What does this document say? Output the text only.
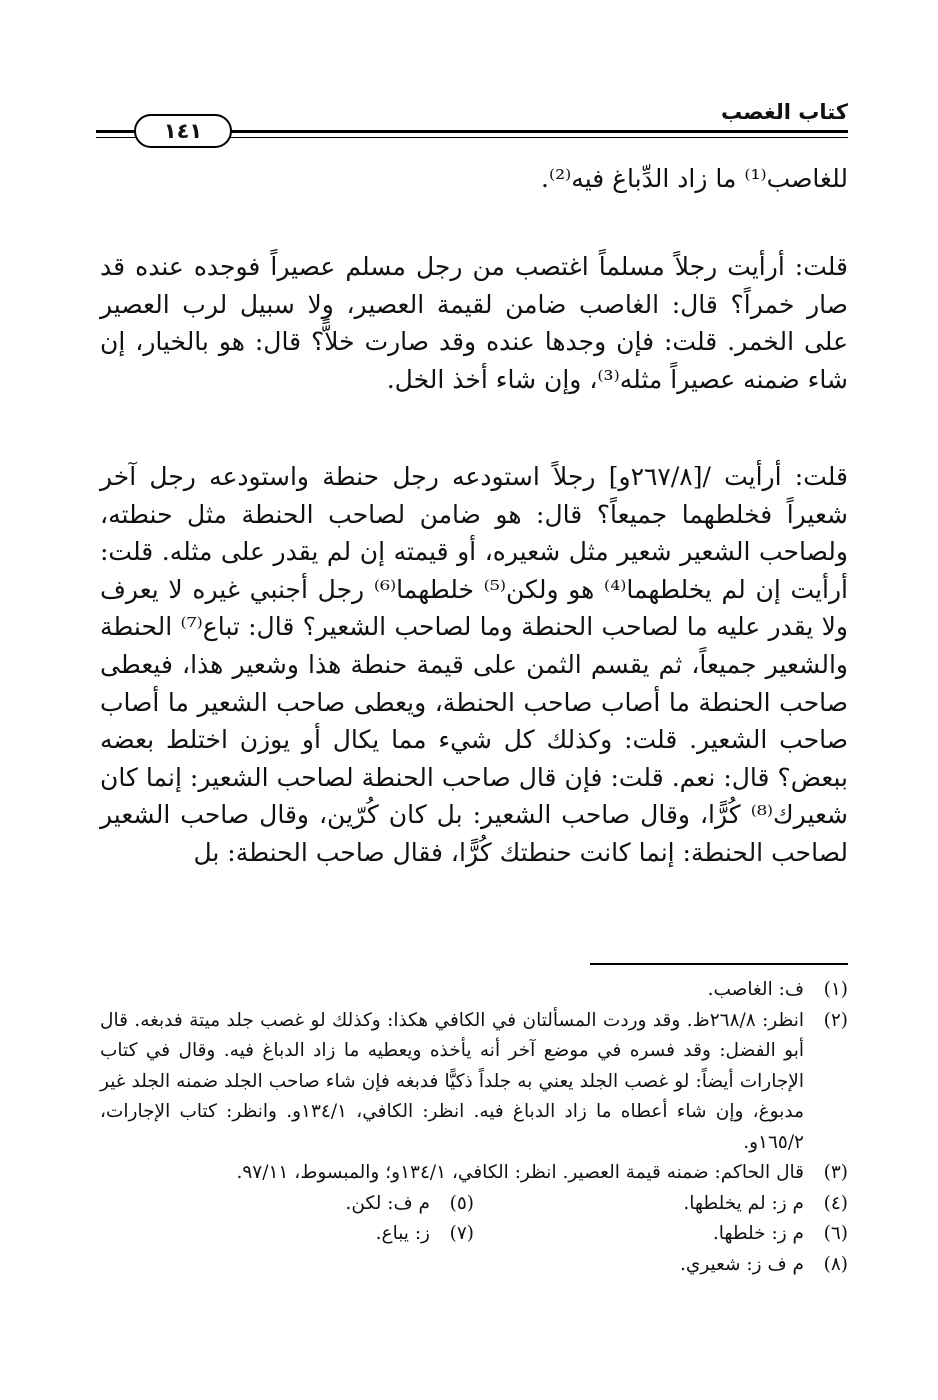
كتاب الغصب
١٤١

للغاصب⁽¹⁾ ما زاد الدِّباغ فيه⁽²⁾.

قلت: أرأيت رجلاً مسلماً اغتصب من رجل مسلم عصيراً فوجده عنده قد صار خمراً؟ قال: الغاصب ضامن لقيمة العصير، ولا سبيل لرب العصير على الخمر. قلت: فإن وجدها عنده وقد صارت خلاًّ؟ قال: هو بالخيار، إن شاء ضمنه عصيراً مثله⁽³⁾، وإن شاء أخذ الخل.

قلت: أرأيت /[٢٦٧/٨و] رجلاً استودعه رجل حنطة واستودعه رجل آخر شعيراً فخلطهما جميعاً؟ قال: هو ضامن لصاحب الحنطة مثل حنطته، ولصاحب الشعير شعير مثل شعيره، أو قيمته إن لم يقدر على مثله. قلت: أرأيت إن لم يخلطهما⁽⁴⁾ هو ولكن⁽⁵⁾ خلطهما⁽⁶⁾ رجل أجنبي غيره لا يعرف ولا يقدر عليه ما لصاحب الحنطة وما لصاحب الشعير؟ قال: تباع⁽⁷⁾ الحنطة والشعير جميعاً، ثم يقسم الثمن على قيمة حنطة هذا وشعير هذا، فيعطى صاحب الحنطة ما أصاب صاحب الحنطة، ويعطى صاحب الشعير ما أصاب صاحب الشعير. قلت: وكذلك كل شيء مما يكال أو يوزن اختلط بعضه ببعض؟ قال: نعم. قلت: فإن قال صاحب الحنطة لصاحب الشعير: إنما كان شعيرك⁽⁸⁾ كُرًّا، وقال صاحب الشعير: بل كان كُرّين، وقال صاحب الشعير لصاحب الحنطة: إنما كانت حنطتك كُرًّا، فقال صاحب الحنطة: بل

(١)
ف: الغاصب.
(٢)
انظر: ٢٦٨/٨ظ. وقد وردت المسألتان في الكافي هكذا: وكذلك لو غصب جلد ميتة فدبغه. قال أبو الفضل: وقد فسره في موضع آخر أنه يأخذه ويعطيه ما زاد الدباغ فيه. وقال في كتاب الإجارات أيضاً: لو غصب الجلد يعني به جلداً ذكيًّا فدبغه فإن شاء صاحب الجلد ضمنه الجلد غير مدبوغ، وإن شاء أعطاه ما زاد الدباغ فيه. انظر: الكافي، ١٣٤/١و. وانظر: كتاب الإجارات، ١٦٥/٢و.
(٣)
قال الحاكم: ضمنه قيمة العصير. انظر: الكافي، ١٣٤/١و؛ والمبسوط، ٩٧/١١.
(٤)
م ز: لم يخلطها.
(٥)
م ف: لكن.
(٦)
م ز: خلطها.
(٧)
ز: يباع.
(٨)
م ف ز: شعيري.
